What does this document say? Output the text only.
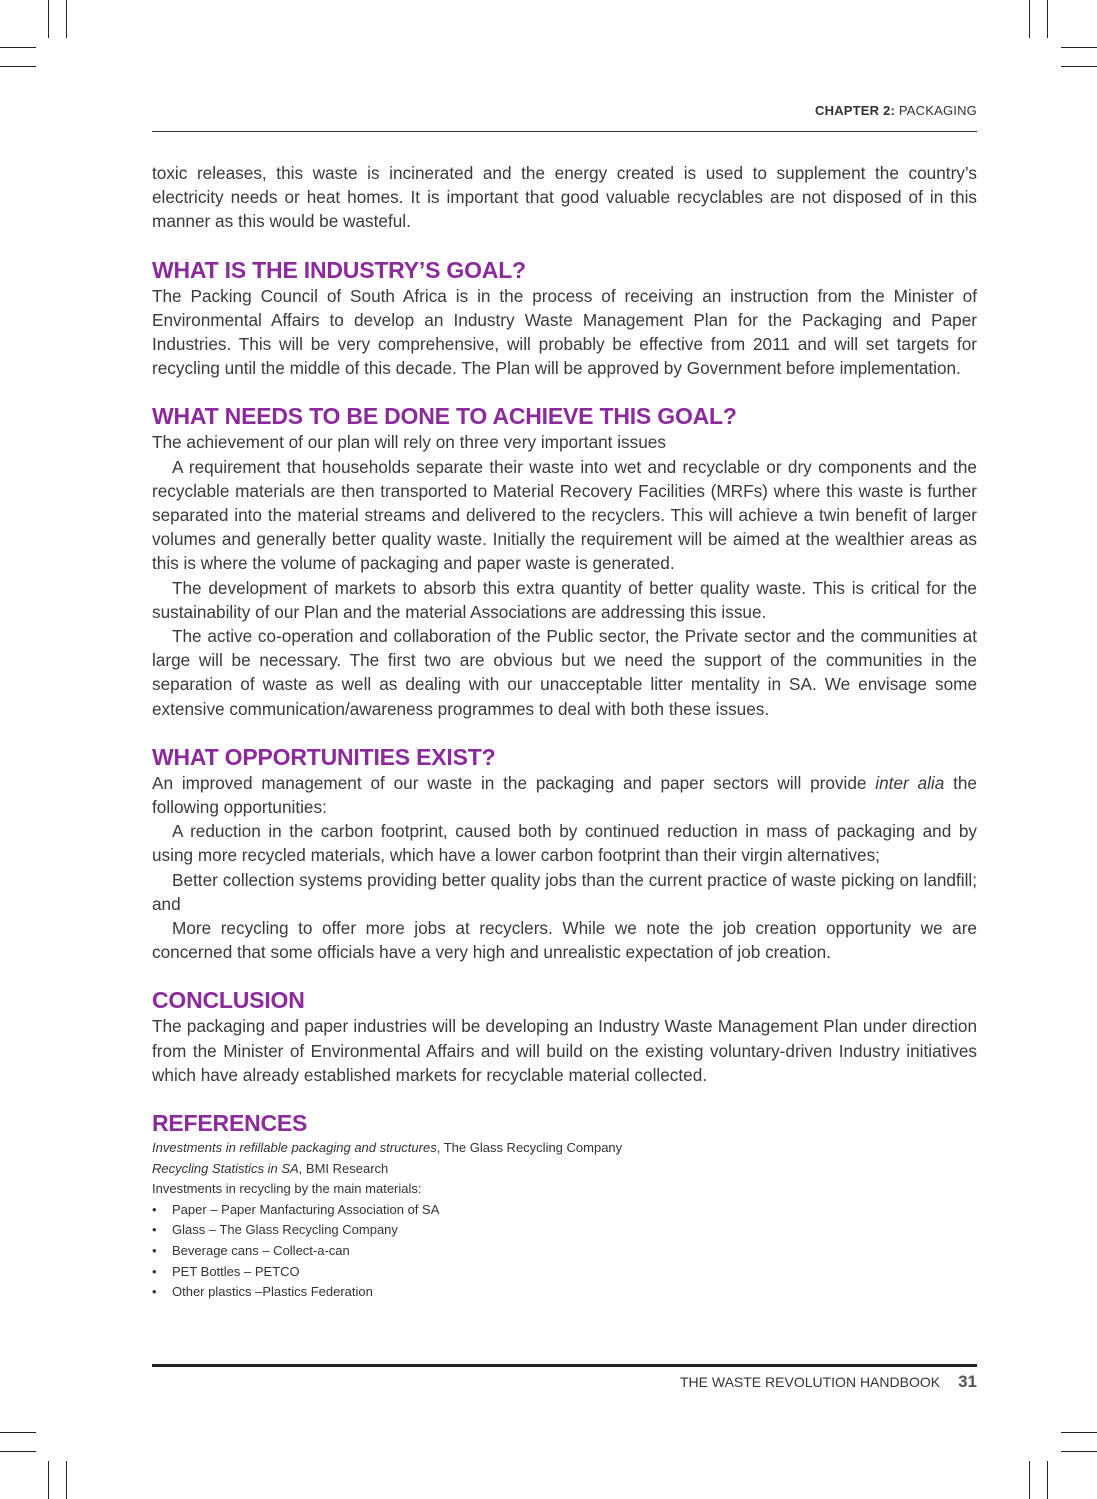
CHAPTER 2: PACKAGING

toxic releases, this waste is incinerated and the energy created is used to supplement the country’s electricity needs or heat homes. It is important that good valuable recyclables are not disposed of in this manner as this would be wasteful.

WHAT IS THE INDUSTRY’S GOAL?

The Packing Council of South Africa is in the process of receiving an instruction from the Minister of Environmental Affairs to develop an Industry Waste Management Plan for the Packaging and Paper Industries. This will be very comprehensive, will probably be effective from 2011 and will set targets for recycling until the middle of this decade. The Plan will be approved by Government before implementation.

WHAT NEEDS TO BE DONE TO ACHIEVE THIS GOAL?

The achievement of our plan will rely on three very important issues

A requirement that households separate their waste into wet and recyclable or dry components and the recyclable materials are then transported to Material Recovery Facilities (MRFs) where this waste is further separated into the material streams and delivered to the recyclers. This will achieve a twin benefit of larger volumes and generally better quality waste. Initially the requirement will be aimed at the wealthier areas as this is where the volume of packaging and paper waste is generated.

The development of markets to absorb this extra quantity of better quality waste. This is critical for the sustainability of our Plan and the material Associations are addressing this issue.

The active co-operation and collaboration of the Public sector, the Private sector and the communities at large will be necessary. The first two are obvious but we need the support of the communities in the separation of waste as well as dealing with our unacceptable litter mentality in SA. We envisage some extensive communication/awareness programmes to deal with both these issues.

WHAT OPPORTUNITIES EXIST?

An improved management of our waste in the packaging and paper sectors will provide inter alia the following opportunities:

A reduction in the carbon footprint, caused both by continued reduction in mass of packaging and by using more recycled materials, which have a lower carbon footprint than their virgin alternatives;

Better collection systems providing better quality jobs than the current practice of waste picking on landfill; and

More recycling to offer more jobs at recyclers. While we note the job creation opportunity we are concerned that some officials have a very high and unrealistic expectation of job creation.

CONCLUSION

The packaging and paper industries will be developing an Industry Waste Management Plan under direction from the Minister of Environmental Affairs and will build on the existing voluntary-driven Industry initiatives which have already established markets for recyclable material collected.

REFERENCES
Investments in refillable packaging and structures, The Glass Recycling Company
Recycling Statistics in SA, BMI Research
Investments in recycling by the main materials:
•	Paper – Paper Manfacturing Association of SA
•	Glass – The Glass Recycling Company
•	Beverage cans – Collect-a-can
•	PET Bottles – PETCO
•	Other plastics –Plastics Federation
THE WASTE REVOLUTION HANDBOOK 31
